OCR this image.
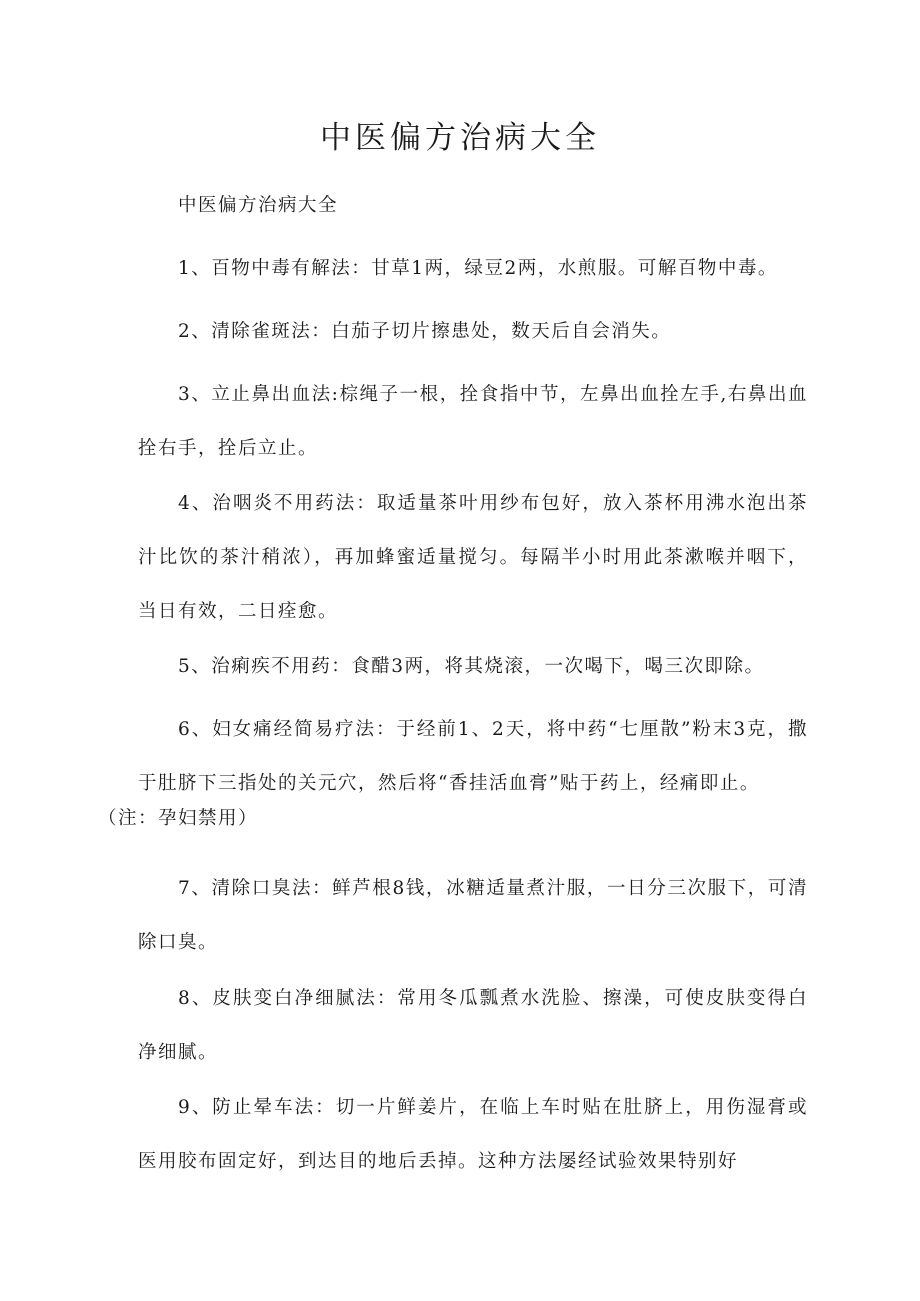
中医偏方治病大全

中医偏方治病大全

1、百物中毒有解法：甘草1两，绿豆2两，水煎服。可解百物中毒。

2、清除雀斑法：白茄子切片擦患处，数天后自会消失。

3、立止鼻出血法:棕绳子一根，拴食指中节，左鼻出血拴左手,右鼻出血拴右手，拴后立止。

4、治咽炎不用药法：取适量茶叶用纱布包好，放入茶杯用沸水泡出茶汁比饮的茶汁稍浓），再加蜂蜜适量搅匀。每隔半小时用此茶漱喉并咽下，当日有效，二日痊愈。

5、治痢疾不用药：食醋3两，将其烧滚，一次喝下，喝三次即除。

6、妇女痛经简易疗法：于经前1、2天，将中药“七厘散”粉末3克，撒于肚脐下三指处的关元穴，然后将“香挂活血膏”贴于药上，经痛即止。
（注：孕妇禁用）

7、清除口臭法：鲜芦根8钱，冰糖适量煮汁服，一日分三次服下，可清除口臭。

8、皮肤变白净细腻法：常用冬瓜瓢煮水洗脸、擦澡，可使皮肤变得白净细腻。

9、防止晕车法：切一片鲜姜片，在临上车时贴在肚脐上，用伤湿膏或医用胶布固定好，到达目的地后丢掉。这种方法屡经试验效果特别好
